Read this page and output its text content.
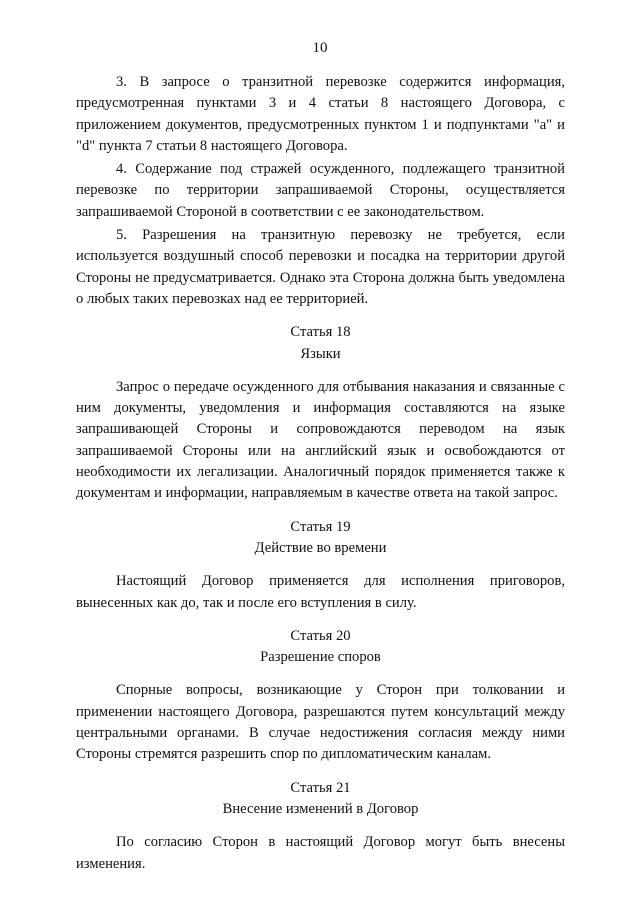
10

3. В запросе о транзитной перевозке содержится информация, предусмотренная пунктами 3 и 4 статьи 8 настоящего Договора, с приложением документов, предусмотренных пунктом 1 и подпунктами "a" и "d" пункта 7 статьи 8 настоящего Договора.

4. Содержание под стражей осужденного, подлежащего транзитной перевозке по территории запрашиваемой Стороны, осуществляется запрашиваемой Стороной в соответствии с ее законодательством.

5. Разрешения на транзитную перевозку не требуется, если используется воздушный способ перевозки и посадка на территории другой Стороны не предусматривается. Однако эта Сторона должна быть уведомлена о любых таких перевозках над ее территорией.

Статья 18
Языки

Запрос о передаче осужденного для отбывания наказания и связанные с ним документы, уведомления и информация составляются на языке запрашивающей Стороны и сопровождаются переводом на язык запрашиваемой Стороны или на английский язык и освобождаются от необходимости их легализации. Аналогичный порядок применяется также к документам и информации, направляемым в качестве ответа на такой запрос.

Статья 19
Действие во времени

Настоящий Договор применяется для исполнения приговоров, вынесенных как до, так и после его вступления в силу.

Статья 20
Разрешение споров

Спорные вопросы, возникающие у Сторон при толковании и применении настоящего Договора, разрешаются путем консультаций между центральными органами. В случае недостижения согласия между ними Стороны стремятся разрешить спор по дипломатическим каналам.

Статья 21
Внесение изменений в Договор

По согласию Сторон в настоящий Договор могут быть внесены изменения.
